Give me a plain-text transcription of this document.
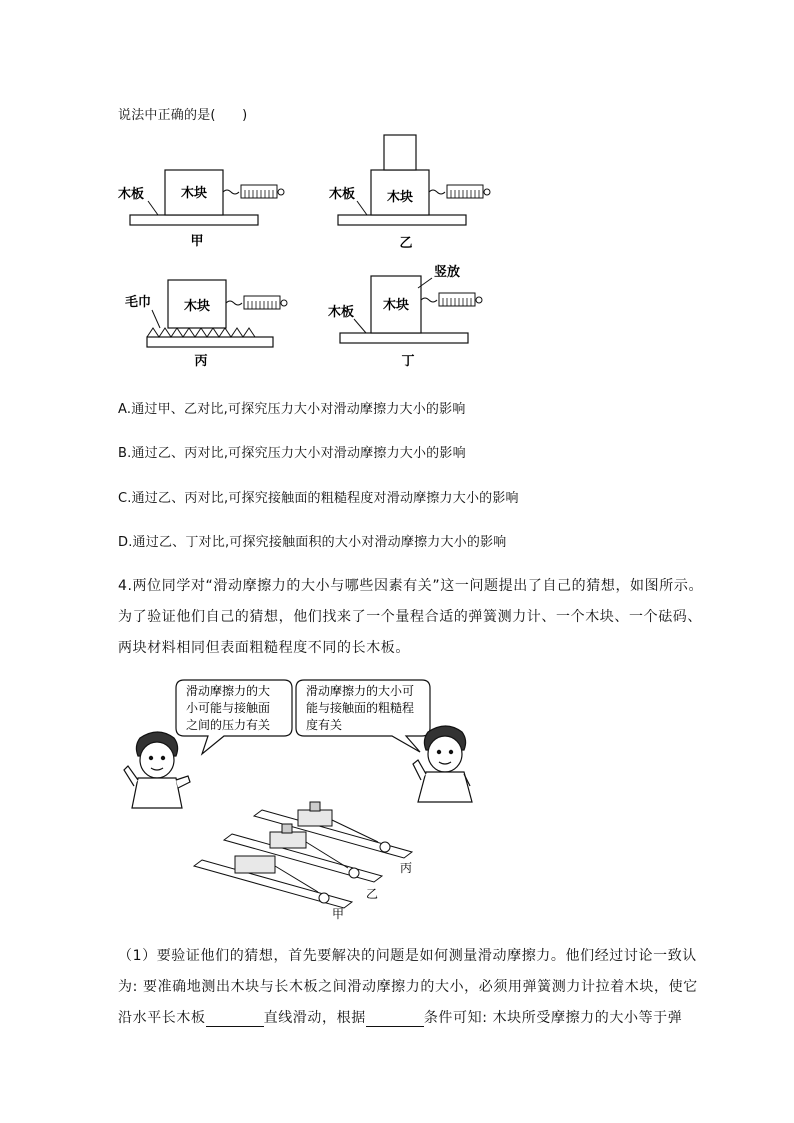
说法中正确的是(　　)
木块
木板
甲
木块
木板
乙
木块
毛巾
丙
木块
木板
竖放
丁
A.通过甲、乙对比,可探究压力大小对滑动摩擦力大小的影响
B.通过乙、丙对比,可探究压力大小对滑动摩擦力大小的影响
C.通过乙、丙对比,可探究接触面的粗糙程度对滑动摩擦力大小的影响
D.通过乙、丁对比,可探究接触面积的大小对滑动摩擦力大小的影响
4.两位同学对“滑动摩擦力的大小与哪些因素有关”这一问题提出了自己的猜想，如图所示。
为了验证他们自己的猜想，他们找来了一个量程合适的弹簧测力计、一个木块、一个砝码、
两块材料相同但表面粗糙程度不同的长木板。
滑动摩擦力的大
小可能与接触面
之间的压力有关
滑动摩擦力的大小可
能与接触面的粗糙程
度有关
丙
乙
甲
（1）要验证他们的猜想，首先要解决的问题是如何测量滑动摩擦力。他们经过讨论一致认
为: 要准确地测出木块与长木板之间滑动摩擦力的大小，必须用弹簧测力计拉着木块，使它
沿水平长木板	直线滑动，根据	条件可知: 木块所受摩擦力的大小等于弹
